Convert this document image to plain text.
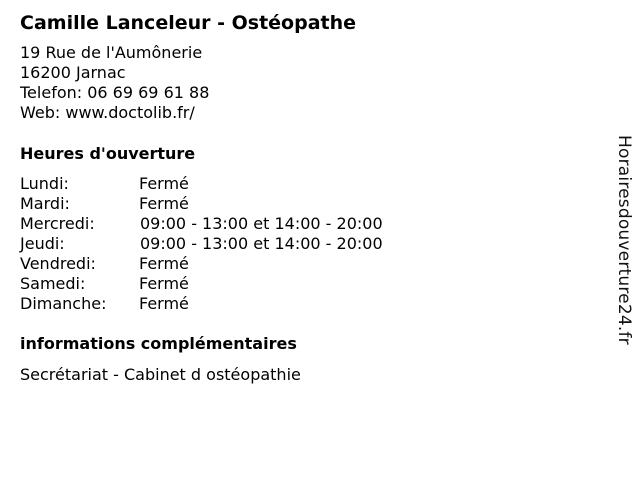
Camille Lanceleur - Ostéopathe
19 Rue de l'Aumônerie
16200 Jarnac
Telefon: 06 69 69 61 88
Web: www.doctolib.fr/
Heures d'ouverture
Lundi:	Fermé
Mardi:	Fermé
Mercredi:	09:00 - 13:00 et 14:00 - 20:00
Jeudi:	09:00 - 13:00 et 14:00 - 20:00
Vendredi:	Fermé
Samedi:	Fermé
Dimanche: Fermé
informations complémentaires
Secrétariat - Cabinet d ostéopathie
Horairesdouverture24.fr
